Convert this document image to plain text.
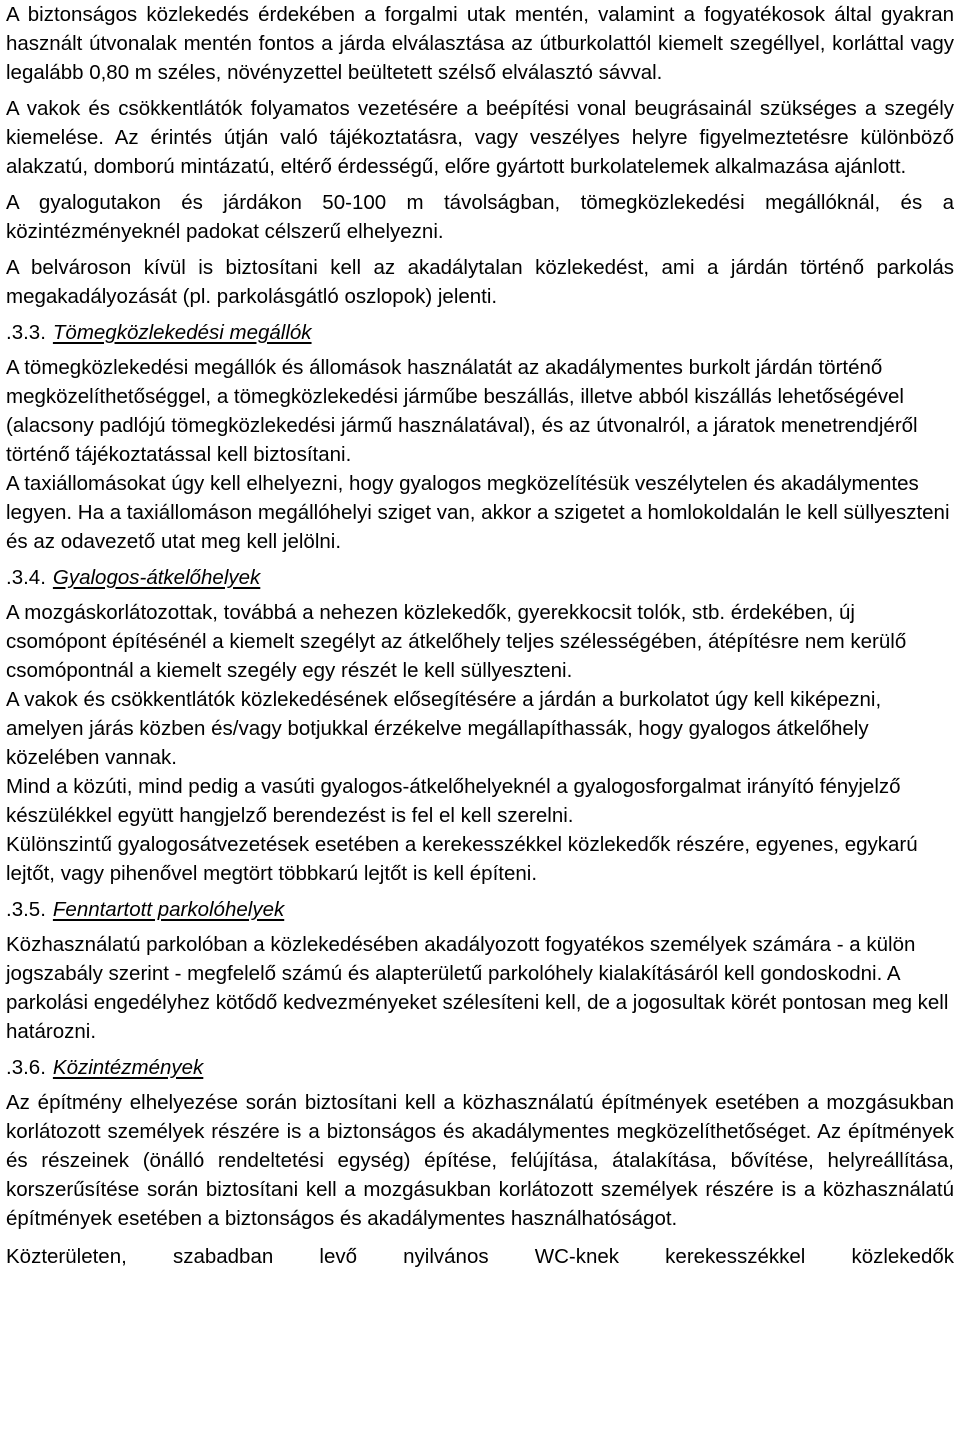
A biztonságos közlekedés érdekében a forgalmi utak mentén, valamint a fogyatékosok által gyakran használt útvonalak mentén fontos a járda elválasztása az útburkolattól kiemelt szegéllyel, korláttal vagy legalább 0,80 m széles, növényzettel beültetett szélső elválasztó sávval.

A vakok és csökkentlátók folyamatos vezetésére a beépítési vonal beugrásainál szükséges a szegély kiemelése. Az érintés útján való tájékoztatásra, vagy veszélyes helyre figyelmeztetésre különböző alakzatú, domború mintázatú, eltérő érdességű, előre gyártott burkolatelemek alkalmazása ajánlott.

A gyalogutakon és járdákon 50-100 m távolságban, tömegközlekedési megállóknál, és a közintézményeknél padokat célszerű elhelyezni.

A belvároson kívül is biztosítani kell az akadálytalan közlekedést, ami a járdán történő parkolás megakadályozását (pl. parkolásgátló oszlopok) jelenti.

.3.3. Tömegközlekedési megállók

A tömegközlekedési megállók és állomások használatát az akadálymentes burkolt járdán történő megközelíthetőséggel, a tömegközlekedési járműbe beszállás, illetve abból kiszállás lehetőségével (alacsony padlójú tömegközlekedési jármű használatával), és az útvonalról, a járatok menetrendjéről történő tájékoztatással kell biztosítani.

A taxiállomásokat úgy kell elhelyezni, hogy gyalogos megközelítésük veszélytelen és akadálymentes legyen. Ha a taxiállomáson megállóhelyi sziget van, akkor a szigetet a homlokoldalán le kell süllyeszteni és az odavezető utat meg kell jelölni.

.3.4. Gyalogos-átkelőhelyek

A mozgáskorlátozottak, továbbá a nehezen közlekedők, gyerekkocsit tolók, stb. érdekében, új csomópont építésénél a kiemelt szegélyt az átkelőhely teljes szélességében, átépítésre nem kerülő csomópontnál a kiemelt szegély egy részét le kell süllyeszteni.

A vakok és csökkentlátók közlekedésének elősegítésére a járdán a burkolatot úgy kell kiképezni, amelyen járás közben és/vagy botjukkal érzékelve megállapíthassák, hogy gyalogos átkelőhely közelében vannak.

Mind a közúti, mind pedig a vasúti gyalogos-átkelőhelyeknél a gyalogosforgalmat irányító fényjelző készülékkel együtt hangjelző berendezést is fel el kell szerelni.

Különszintű gyalogosátvezetések esetében a kerekesszékkel közlekedők részére, egyenes, egykarú lejtőt, vagy pihenővel megtört többkarú lejtőt is kell építeni.

.3.5. Fenntartott parkolóhelyek

Közhasználatú parkolóban a közlekedésében akadályozott fogyatékos személyek számára - a külön jogszabály szerint - megfelelő számú és alapterületű parkolóhely kialakításáról kell gondoskodni. A parkolási engedélyhez kötődő kedvezményeket szélesíteni kell, de a jogosultak körét pontosan meg kell határozni.

.3.6. Közintézmények

Az építmény elhelyezése során biztosítani kell a közhasználatú építmények esetében a mozgásukban korlátozott személyek részére is a biztonságos és akadálymentes megközelíthetőséget. Az építmények és részeinek (önálló rendeltetési egység) építése, felújítása, átalakítása, bővítése, helyreállítása, korszerűsítése során biztosítani kell a mozgásukban korlátozott személyek részére is a közhasználatú építmények esetében a biztonságos és akadálymentes használhatóságot.

Közterületen, szabadban levő nyilvános WC-knek kerekesszékkel közlekedők
